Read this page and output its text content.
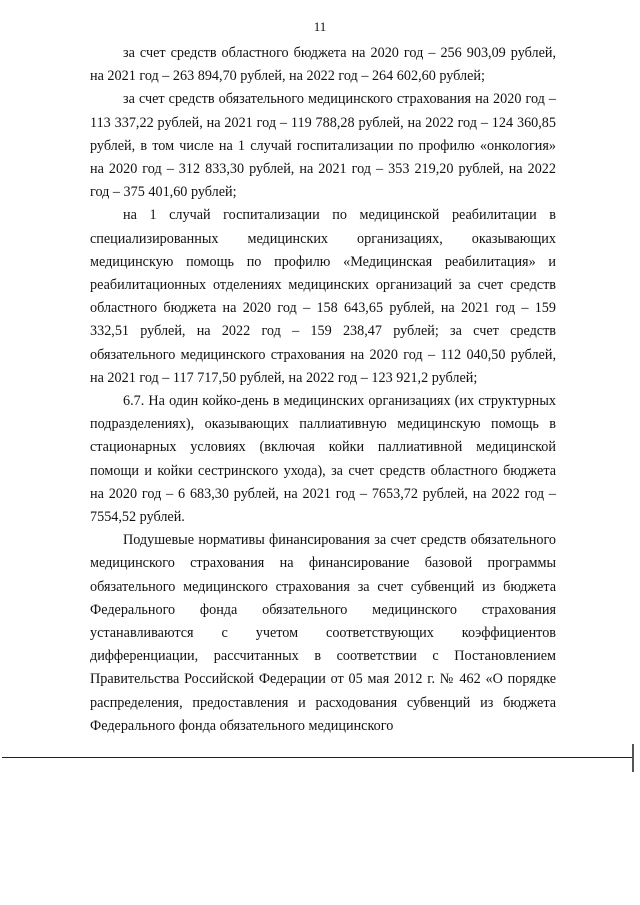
11

за счет средств областного бюджета на 2020 год – 256 903,09 рублей, на 2021 год – 263 894,70 рублей, на 2022 год – 264 602,60 рублей;

за счет средств обязательного медицинского страхования на 2020 год – 113 337,22 рублей, на 2021 год – 119 788,28 рублей, на 2022 год – 124 360,85 рублей, в том числе на 1 случай госпитализации по профилю «онкология» на 2020 год – 312 833,30 рублей, на 2021 год – 353 219,20 рублей, на 2022 год – 375 401,60 рублей;

на 1 случай госпитализации по медицинской реабилитации в специализированных медицинских организациях, оказывающих медицинскую помощь по профилю «Медицинская реабилитация» и реабилитационных отделениях медицинских организаций за счет средств областного бюджета на 2020 год – 158 643,65 рублей, на 2021 год – 159 332,51 рублей, на 2022 год – 159 238,47 рублей; за счет средств обязательного медицинского страхования на 2020 год – 112 040,50 рублей, на 2021 год – 117 717,50 рублей, на 2022 год – 123 921,2 рублей;

6.7. На один койко-день в медицинских организациях (их структурных подразделениях), оказывающих паллиативную медицинскую помощь в стационарных условиях (включая койки паллиативной медицинской помощи и койки сестринского ухода), за счет средств областного бюджета на 2020 год – 6 683,30 рублей, на 2021 год – 7653,72 рублей, на 2022 год – 7554,52 рублей.

Подушевые нормативы финансирования за счет средств обязательного медицинского страхования на финансирование базовой программы обязательного медицинского страхования за счет субвенций из бюджета Федерального фонда обязательного медицинского страхования устанавливаются с учетом соответствующих коэффициентов дифференциации, рассчитанных в соответствии с Постановлением Правительства Российской Федерации от 05 мая 2012 г. № 462 «О порядке распределения, предоставления и расходования субвенций из бюджета Федерального фонда обязательного медицинского
